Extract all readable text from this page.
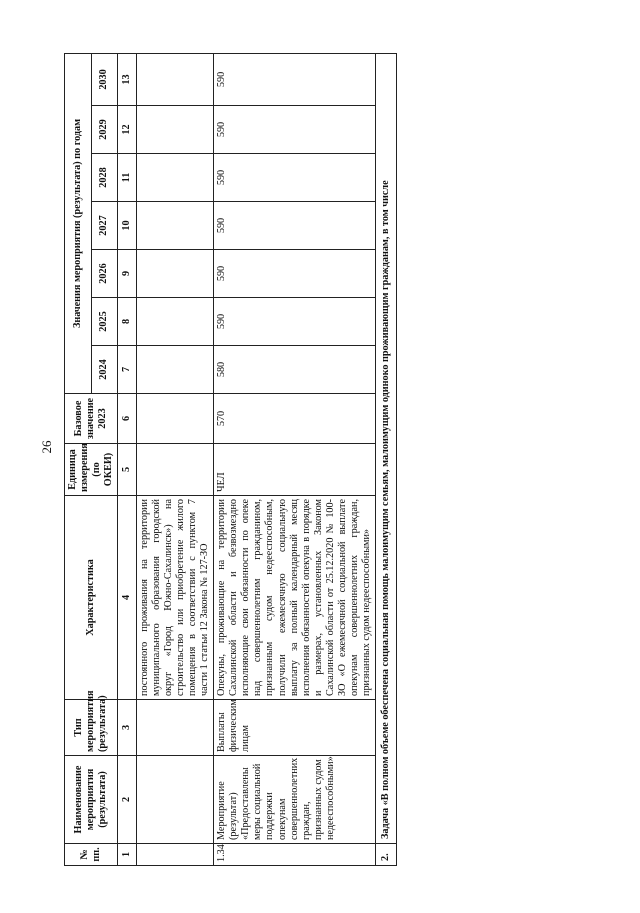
26
№ пп.	Наименование мероприятия (результата)	Тип мероприятия (результата)	Характеристика	Единица измерения (по ОКЕИ)	Базовое значение 2023	Значения мероприятия (результата) по годам						
						2024	2025	2026	2027	2028	2029	2030
1	2	3	4	5	6	7	8	9	10	11	12	13
			постоянного проживания на территории муниципального образования городской округ «Город Южно-Сахалинск») на строительство или приобретение жилого помещения в соответствии с пунктом 7 части 1 статьи 12 Закона № 127-ЗО									
1.34	Мероприятие (результат) «Предоставлены меры социальной поддержки опекунам совершеннолетних граждан, признанных судом недееспособными»	Выплаты физическим лицам	Опекуны, проживающие на территории Сахалинской области и безвозмездно исполняющие свои обязанности по опеке над совершеннолетним гражданином, признанным судом недееспособным, получили ежемесячную социальную выплату за полный календарный месяц исполнения обязанностей опекуна в порядке и размерах, установленных Законом Сахалинской области от 25.12.2020 № 100-ЗО «О ежемесячной социальной выплате опекунам совершеннолетних граждан, признанных судом недееспособными»	ЧЕЛ	570	580	590	590	590	590	590	590
2.	Задача «В полном объеме обеспечена социальная помощь малоимущим семьям, малоимущим одиноко проживающим гражданам, в том числе											
